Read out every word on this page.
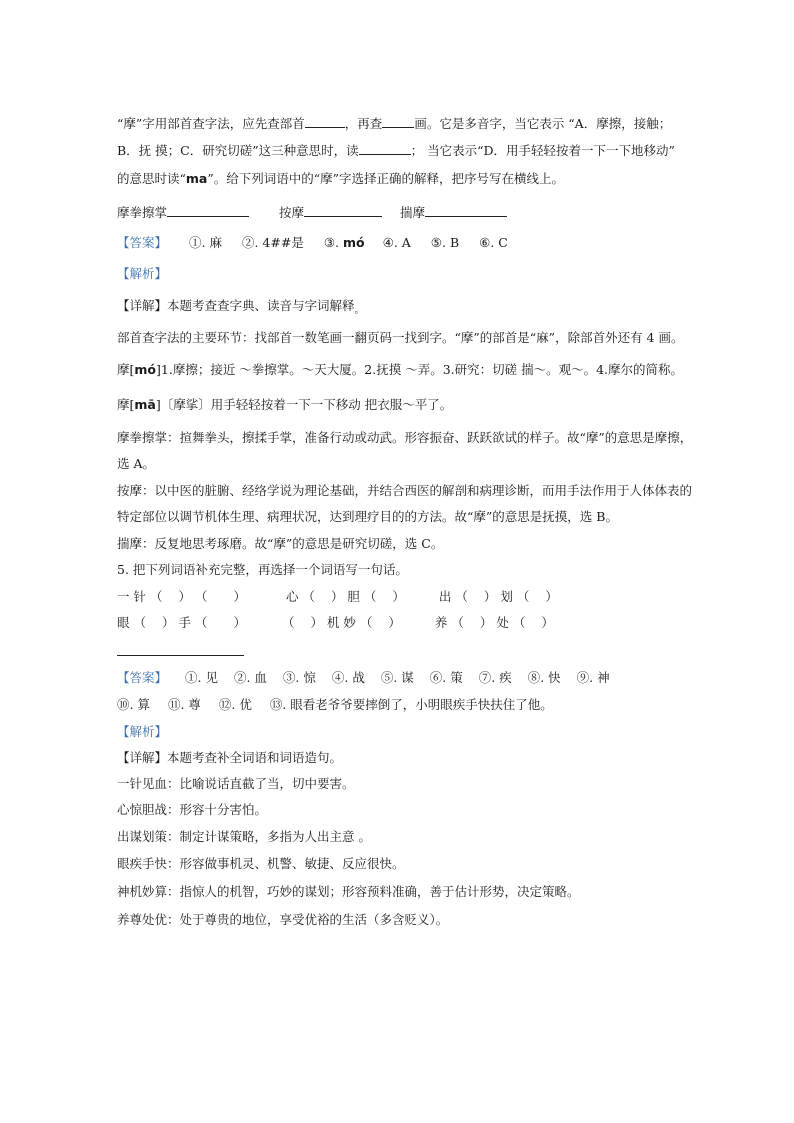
“摩”字用部首查字法，应先查部首	，再查	画。它是多音字，当它表示 “A．摩擦，接触；
B．抚 摸；C．研究切磋”这三种意思时，读	； 当它表示“D．用手轻轻按着一下一下地移动”
的意思时读“ma”。给下列词语中的“摩”字选择正确的解释，把序号写在横线上。
摩拳擦掌	按摩	揣摩
【答案】 ①. 麻 ②. 4##是 ③. mó ④. A ⑤. B ⑥. C
【解析】
【详解】本题考查查字典、读音与字词解释$_。$
部首查字法的主要环节：找部首一数笔画一翻页码一找到字。“摩”的部首是“麻”，除部首外还有 4 画。
摩[mó]1.摩擦；接近 ～拳擦掌。～天大厦。2.抚摸 ～弄。3.研究：切磋 揣～。观～。4.摩尔的简称。
摩[mā]〔摩挲〕用手轻轻按着一下一下移动 把衣服～平了。
摩拳擦掌：揎舞拳头，擦揉手掌，准备行动或动武。形容振奋、跃跃欲试的样子。故“摩”的意思是摩擦，
选 A。
按摩：以中医的脏腑、经络学说为理论基础，并结合西医的解剖和病理诊断，而用手法作用于人体体表的
特定部位以调节机体生理、病理状况，达到理疗目的的方法。故“摩”的意思是抚摸，选 B。
揣摩：反复地思考琢磨。故“摩”的意思是研究切磋，选 C。
5. 把下列词语补充完整，再选择一个词语写一句话。
一 针 （ ） （ ）	心 （ ） 胆 （ ）	出 （ ） 划 （ ）
眼 （ ） 手 （ ）	（ ） 机 妙 （ ）	养 （ ） 处 （ ）
【答案】 ①. 见 ②. 血 ③. 惊 ④. 战 ⑤. 谋 ⑥. 策 ⑦. 疾 ⑧. 快 ⑨. 神
⑩. 算 ⑪. 尊 ⑫. 优 ⑬. 眼看老爷爷要摔倒了，小明眼疾手快扶住了他。
【解析】
【详解】本题考查补全词语和词语造句。
一针见血：比喻说话直截了当，切中要害。
心惊胆战：形容十分害怕。
出谋划策：制定计谋策略，多指为人出主意 。
眼疾手快：形容做事机灵、机警、敏捷、反应很快。
神机妙算：指惊人的机智，巧妙的谋划；形容预料准确，善于估计形势，决定策略。
养尊处优：处于尊贵的地位，享受优裕的生活（多含贬义）。
